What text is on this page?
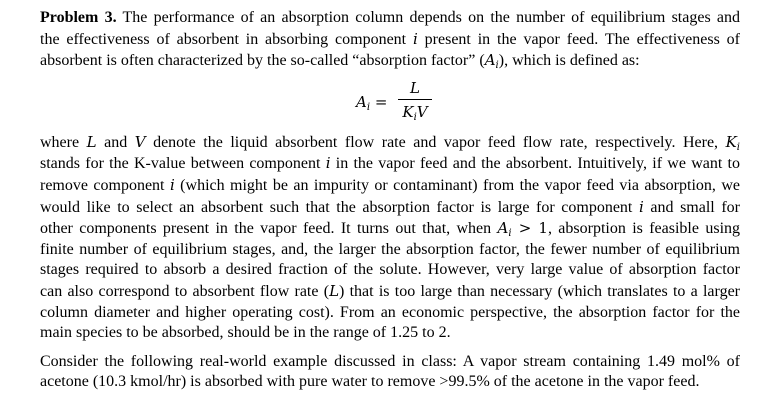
Problem 3. The performance of an absorption column depends on the number of equilibrium stages and
the effectiveness of absorbent in absorbing component i present in the vapor feed. The effectiveness of
absorbent is often characterized by the so-called “absorption factor” $(A_i)$, which is defined as:
$A_i$ =
L
$K_iV$
where L and V denote the liquid absorbent flow rate and vapor feed flow rate, respectively. Here, $K_i$
stands for the K-value between component i in the vapor feed and the absorbent. Intuitively, if we want to
remove component i (which might be an impurity or contaminant) from the vapor feed via absorption, we
would like to select an absorbent such that the absorption factor is large for component i and small for
other components present in the vapor feed. It turns out that, when $A_i > 1$, absorption is feasible using
finite number of equilibrium stages, and, the larger the absorption factor, the fewer number of equilibrium
stages required to absorb a desired fraction of the solute. However, very large value of absorption factor
can also correspond to absorbent flow rate (L) that is too large than necessary (which translates to a larger
column diameter and higher operating cost). From an economic perspective, the absorption factor for the
main species to be absorbed, should be in the range of 1.25 to 2.
Consider the following real-world example discussed in class: A vapor stream containing 1.49 mol% of
acetone (10.3 kmol/hr) is absorbed with pure water to remove >99.5% of the acetone in the vapor feed.
